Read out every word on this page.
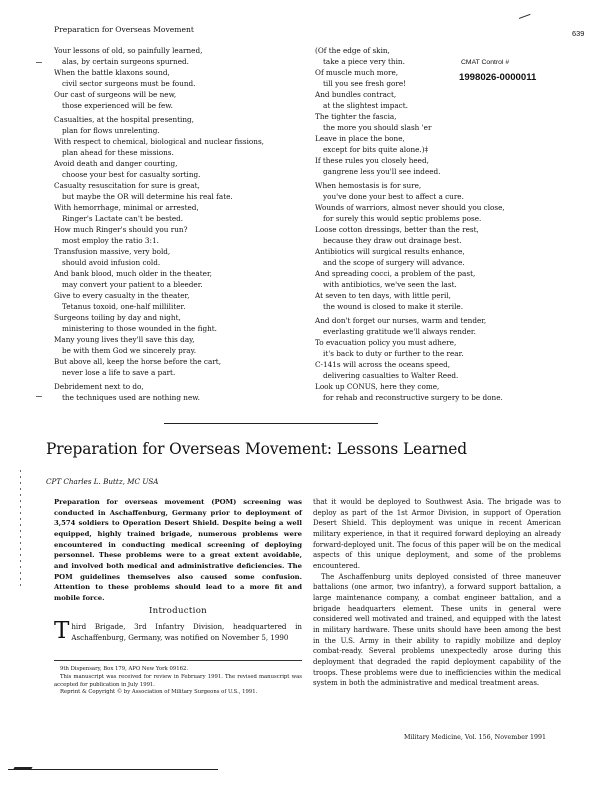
Preparaticn for Overseas Movement	639
CMAT Control #
1998026-0000011
Your lessons of old, so painfully learned,
alas, by certain surgeons spurned.
When the battle klaxons sound,
civil sector surgeons must be found.
Our cast of surgeons will be new,
those experienced will be few.
Casualties, at the hospital presenting,
plan for flows unrelenting.
With respect to chemical, biological and nuclear fissions,
plan ahead for these missions.
Avoid death and danger courting,
choose your best for casualty sorting.
Casualty resuscitation for sure is great,
but maybe the OR will determine his real fate.
With hemorrhage, minimal or arrested,
Ringer's Lactate can't be bested.
How much Ringer's should you run?
most employ the ratio 3:1.
Transfusion massive, very bold,
should avoid infusion cold.
And bank blood, much older in the theater,
may convert your patient to a bleeder.
Give to every casualty in the theater,
Tetanus toxoid, one-half milliliter.
Surgeons toiling by day and night,
ministering to those wounded in the fight.
Many young lives they'll save this day,
be with them God we sincerely pray.
But above all, keep the horse before the cart,
never lose a life to save a part.
Debridement next to do,
the techniques used are nothing new.
(Of the edge of skin,
take a piece very thin.
Of muscle much more,
till you see fresh gore!
And bundles contract,
at the slightest impact.
The tighter the fascia,
the more you should slash 'er
Leave in place the bone,
except for bits quite alone.)‡
If these rules you closely heed,
gangrene less you'll see indeed.
When hemostasis is for sure,
you've done your best to affect a cure.
Wounds of warriors, almost never should you close,
for surely this would septic problems pose.
Loose cotton dressings, better than the rest,
because they draw out drainage best.
Antibiotics will surgical results enhance,
and the scope of surgery will advance.
And spreading cocci, a problem of the past,
with antibiotics, we've seen the last.
At seven to ten days, with little peril,
the wound is closed to make it sterile.
And don't forget our nurses, warm and tender,
everlasting gratitude we'll always render.
To evacuation policy you must adhere,
it's back to duty or further to the rear.
C-141s will across the oceans speed,
delivering casualties to Walter Reed.
Look up CONUS, here they come,
for rehab and reconstructive surgery to be done.
Preparation for Overseas Movement: Lessons Learned
CPT Charles L. Buttz, MC USA
Preparation for overseas movement (POM) screening was conducted in Aschaffenburg, Germany prior to deployment of 3,574 soldiers to Operation Desert Shield. Despite being a well equipped, highly trained brigade, numerous problems were encountered in conducting medical screening of deploying personnel. These problems were to a great extent avoidable, and involved both medical and administrative deficiencies. The POM guidelines themselves also caused some confusion. Attention to these problems should lead to a more fit and mobile force.
Introduction
Third Brigade, 3rd Infantry Division, headquartered in Aschaffenburg, Germany, was notified on November 5, 1990
9th Dispensary, Box 179, APO New York 09162.
This manuscript was received for review in February 1991. The revised manuscript was accepted for publication in July 1991.
Reprint & Copyright © by Association of Military Surgeons of U.S., 1991.

that it would be deployed to Southwest Asia. The brigade was to deploy as part of the 1st Armor Division, in support of Operation Desert Shield. This deployment was unique in recent American military experience, in that it required forward deploying an already forward-deployed unit. The focus of this paper will be on the medical aspects of this unique deployment, and some of the problems encountered.

The Aschaffenburg units deployed consisted of three maneuver battalions (one armor, two infantry), a forward support battalion, a large maintenance company, a combat engineer battalion, and a brigade headquarters element. These units in general were considered well motivated and trained, and equipped with the latest in military hardware. These units should have been among the best in the U.S. Army in their ability to rapidly mobilize and deploy combat-ready. Several problems unexpectedly arose during this deployment that degraded the rapid deployment capability of the troops. These problems were due to inefficiencies within the medical system in both the administrative and medical treatment areas.

Military Medicine, Vol. 156, November 1991
